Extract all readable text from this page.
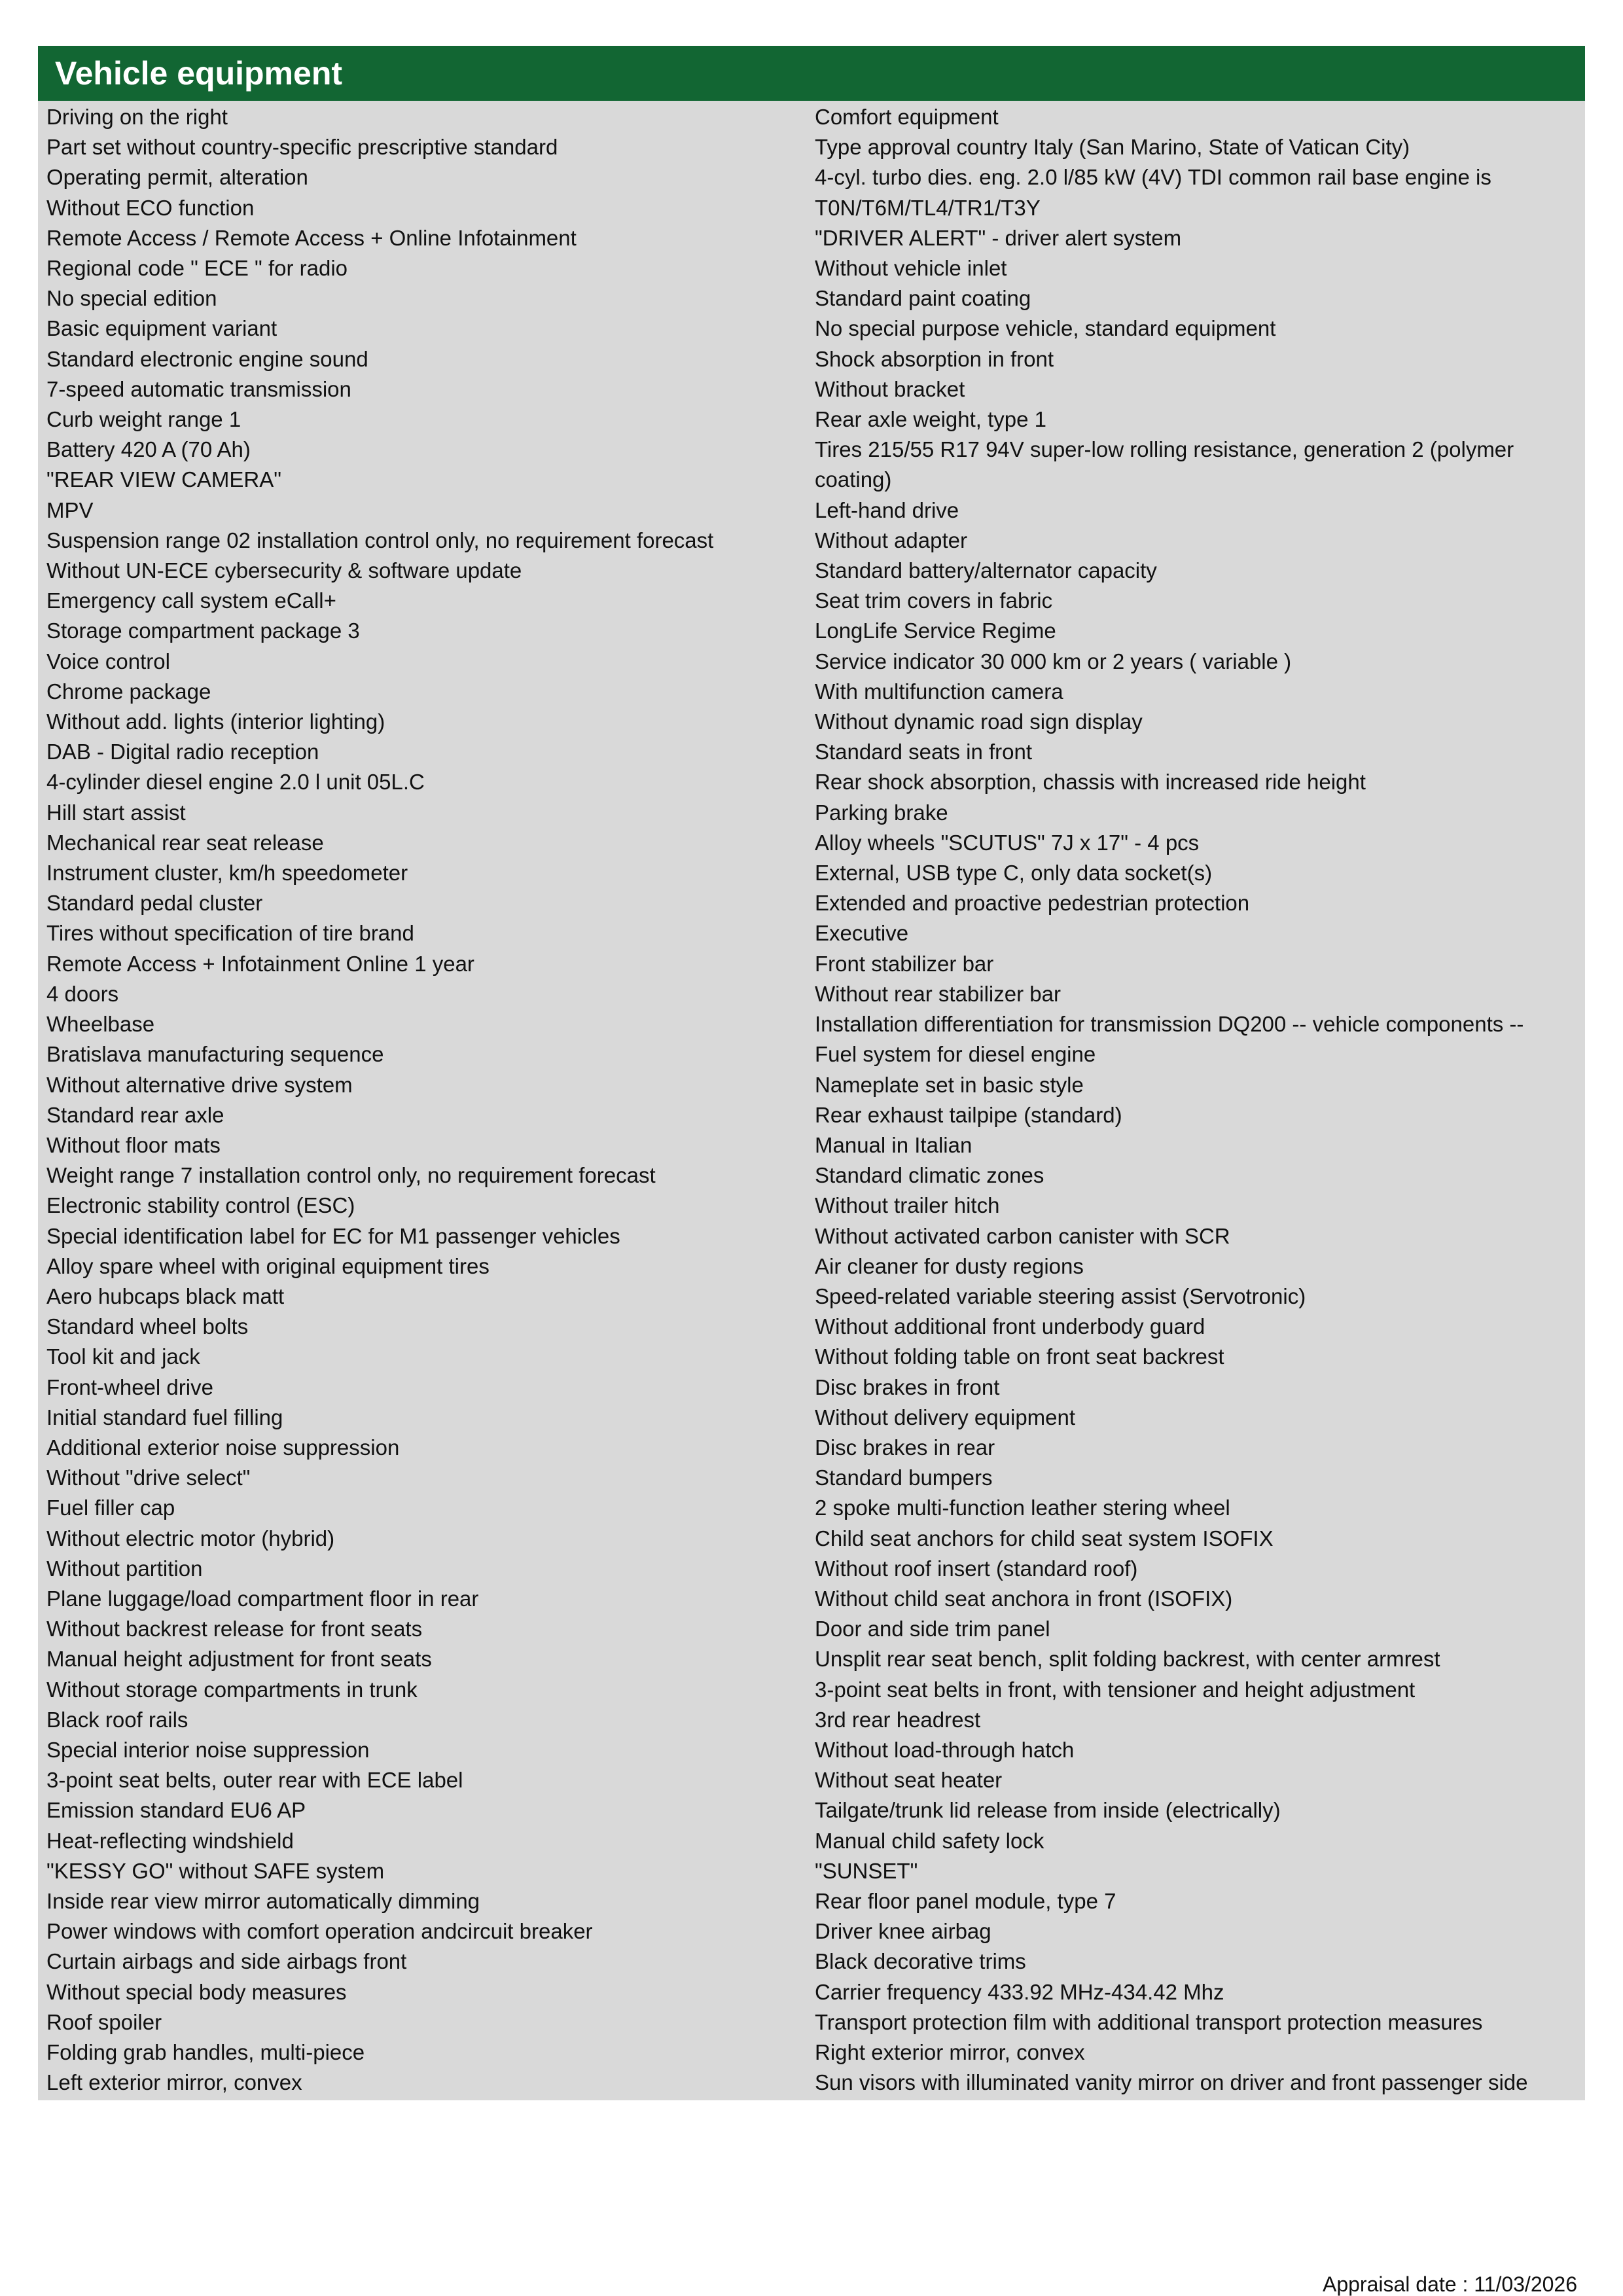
Vehicle equipment
Driving on the right
Part set without country-specific prescriptive standard
Operating permit, alteration
Without ECO function
Remote Access / Remote Access + Online Infotainment
Regional code " ECE " for radio
No special edition
Basic equipment variant
Standard electronic engine sound
7-speed automatic transmission
Curb weight range 1
Battery 420 A (70 Ah)
"REAR VIEW CAMERA"
MPV
Suspension range 02 installation control only, no requirement forecast
Without UN-ECE cybersecurity & software update
Emergency call system eCall+
Storage compartment package 3
Voice control
Chrome package
Without add. lights (interior lighting)
DAB - Digital radio reception
4-cylinder diesel engine 2.0 l unit 05L.C
Hill start assist
Mechanical rear seat release
Instrument cluster, km/h speedometer
Standard pedal cluster
Tires without specification of tire brand
Remote Access + Infotainment Online 1 year
4 doors
Wheelbase
Bratislava manufacturing sequence
Without alternative drive system
Standard rear axle
Without floor mats
Weight range 7 installation control only, no requirement forecast
Electronic stability control (ESC)
Special identification label for EC for M1 passenger vehicles
Alloy spare wheel with original equipment tires
Aero hubcaps black matt
Standard wheel bolts
Tool kit and jack
Front-wheel drive
Initial standard fuel filling
Additional exterior noise suppression
Without "drive select"
Fuel filler cap
Without electric motor (hybrid)
Without partition
Plane luggage/load compartment floor in rear
Without backrest release for front seats
Manual height adjustment for front seats
Without storage compartments in trunk
Black roof rails
Special interior noise suppression
3-point seat belts, outer rear with ECE label
Emission standard EU6 AP
Heat-reflecting windshield
"KESSY GO" without SAFE system
Inside rear view mirror automatically dimming
Power windows with comfort operation andcircuit breaker
Curtain airbags and side airbags front
Without special body measures
Roof spoiler
Folding grab handles, multi-piece
Left exterior mirror, convex
Comfort equipment
Type approval country Italy (San Marino, State of Vatican City)
4-cyl. turbo dies. eng. 2.0 l/85 kW (4V) TDI common rail base engine is T0N/T6M/TL4/TR1/T3Y
"DRIVER ALERT" - driver alert system
Without vehicle inlet
Standard paint coating
No special purpose vehicle, standard equipment
Shock absorption in front
Without bracket
Rear axle weight, type 1
Tires 215/55 R17 94V super-low rolling resistance, generation 2 (polymer coating)
Left-hand drive
Without adapter
Standard battery/alternator capacity
Seat trim covers in fabric
LongLife Service Regime
Service indicator 30 000 km or 2 years ( variable )
With multifunction camera
Without dynamic road sign display
Standard seats in front
Rear shock absorption, chassis with increased ride height
Parking brake
Alloy wheels "SCUTUS" 7J x 17" - 4 pcs
External, USB type C, only data socket(s)
Extended and proactive pedestrian protection
Executive
Front stabilizer bar
Without rear stabilizer bar
Installation differentiation for transmission DQ200 -- vehicle components --
Fuel system for diesel engine
Nameplate set in basic style
Rear exhaust tailpipe (standard)
Manual in Italian
Standard climatic zones
Without trailer hitch
Without activated carbon canister with SCR
Air cleaner for dusty regions
Speed-related variable steering assist (Servotronic)
Without additional front underbody guard
Without folding table on front seat backrest
Disc brakes in front
Without delivery equipment
Disc brakes in rear
Standard bumpers
2 spoke multi-function leather stering wheel
Child seat anchors for child seat system ISOFIX
Without roof insert (standard roof)
Without child seat anchora in front (ISOFIX)
Door and side trim panel
Unsplit rear seat bench, split folding backrest, with center armrest
3-point seat belts in front, with tensioner and height adjustment
3rd rear headrest
Without load-through hatch
Without seat heater
Tailgate/trunk lid release from inside (electrically)
Manual child safety lock
"SUNSET"
Rear floor panel module, type 7
Driver knee airbag
Black decorative trims
Carrier frequency 433.92 MHz-434.42 Mhz
Transport protection film with additional transport protection measures
Right exterior mirror, convex
Sun visors with illuminated vanity mirror on driver and front passenger side
Appraisal date : 11/03/2026
